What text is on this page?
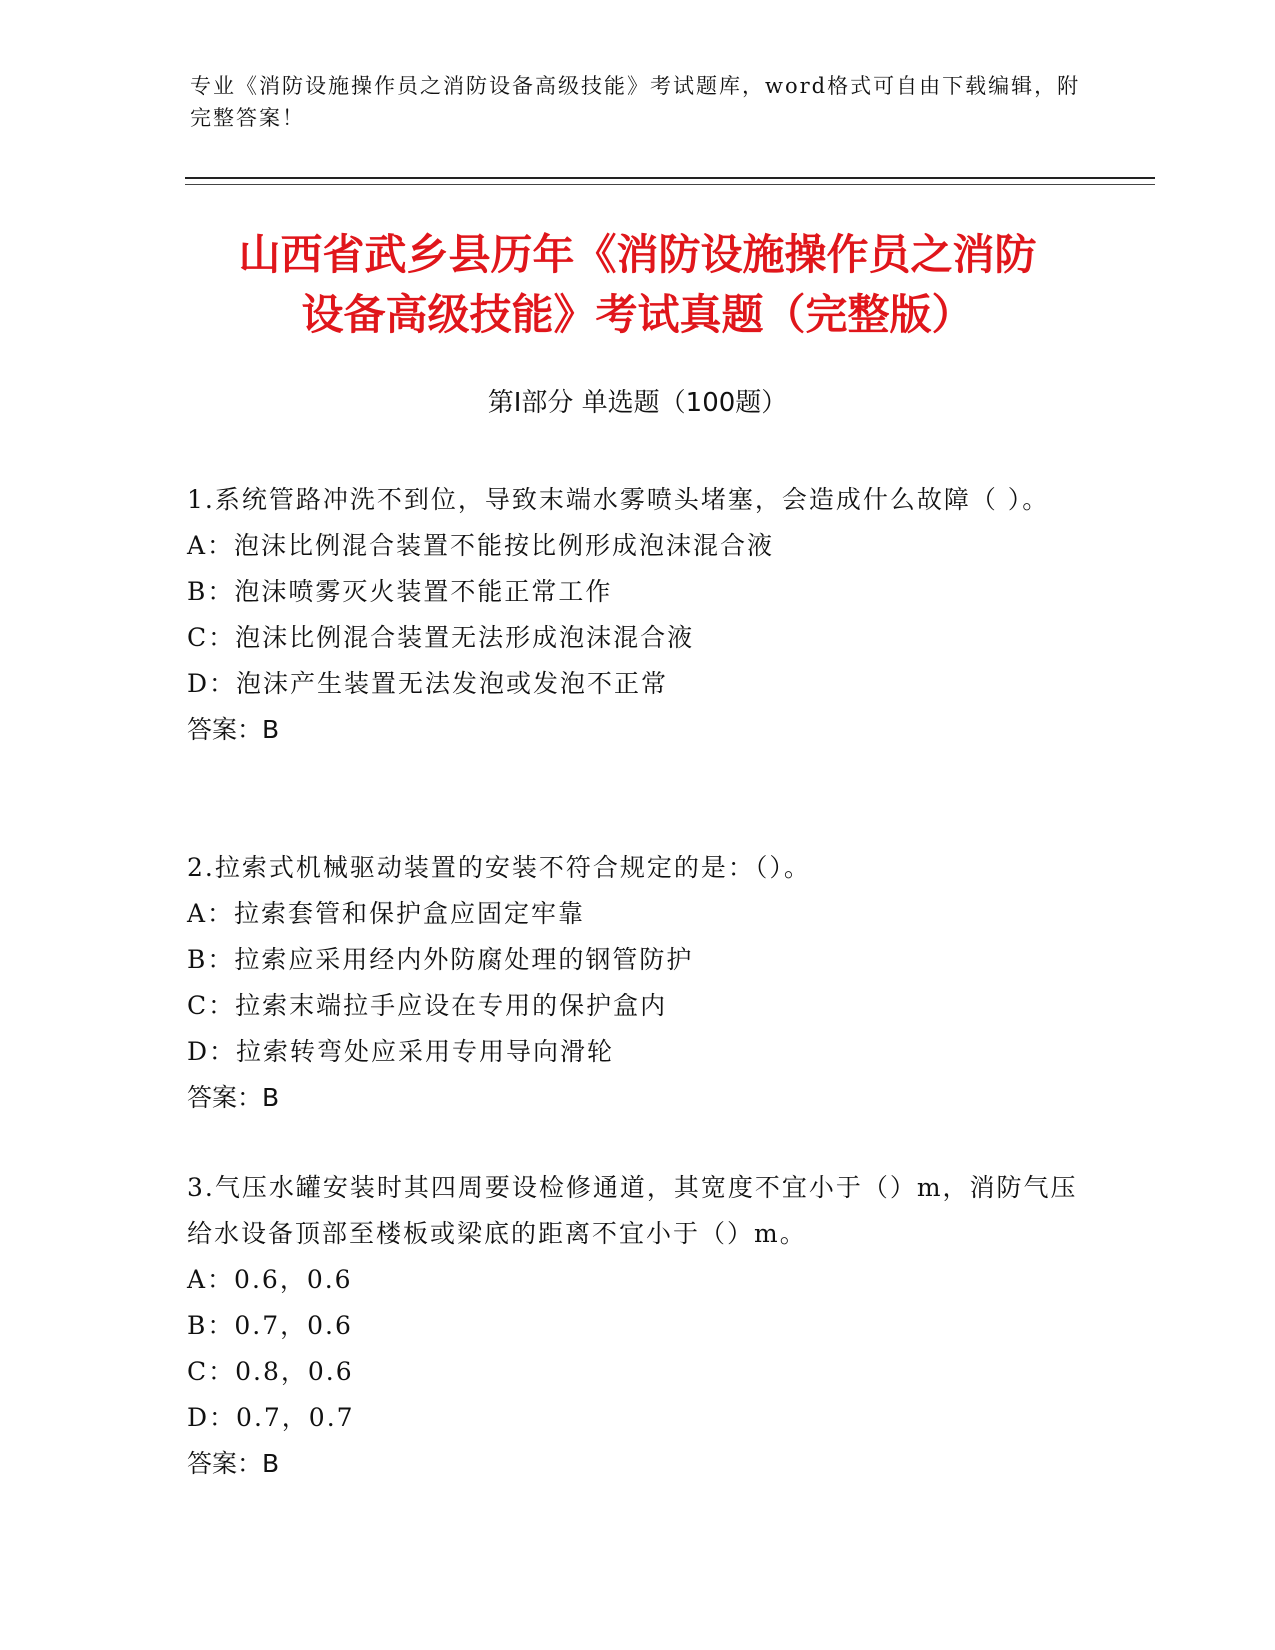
专业《消防设施操作员之消防设备高级技能》考试题库，word格式可自由下载编辑，附完整答案！
山西省武乡县历年《消防设施操作员之消防
设备高级技能》考试真题（完整版）
第Ⅰ部分 单选题（100题）

1.系统管路冲洗不到位，导致末端水雾喷头堵塞，会造成什么故障（ ）。

A：泡沫比例混合装置不能按比例形成泡沫混合液

B：泡沫喷雾灭火装置不能正常工作

C：泡沫比例混合装置无法形成泡沫混合液

D：泡沫产生装置无法发泡或发泡不正常

答案：B

2.拉索式机械驱动装置的安装不符合规定的是：（）。

A：拉索套管和保护盒应固定牢靠

B：拉索应采用经内外防腐处理的钢管防护

C：拉索末端拉手应设在专用的保护盒内

D：拉索转弯处应采用专用导向滑轮

答案：B

3.气压水罐安装时其四周要设检修通道，其宽度不宜小于（）m，消防气压给水设备顶部至楼板或梁底的距离不宜小于（）m。

A：0.6，0.6

B：0.7，0.6

C：0.8，0.6

D：0.7，0.7

答案：B
